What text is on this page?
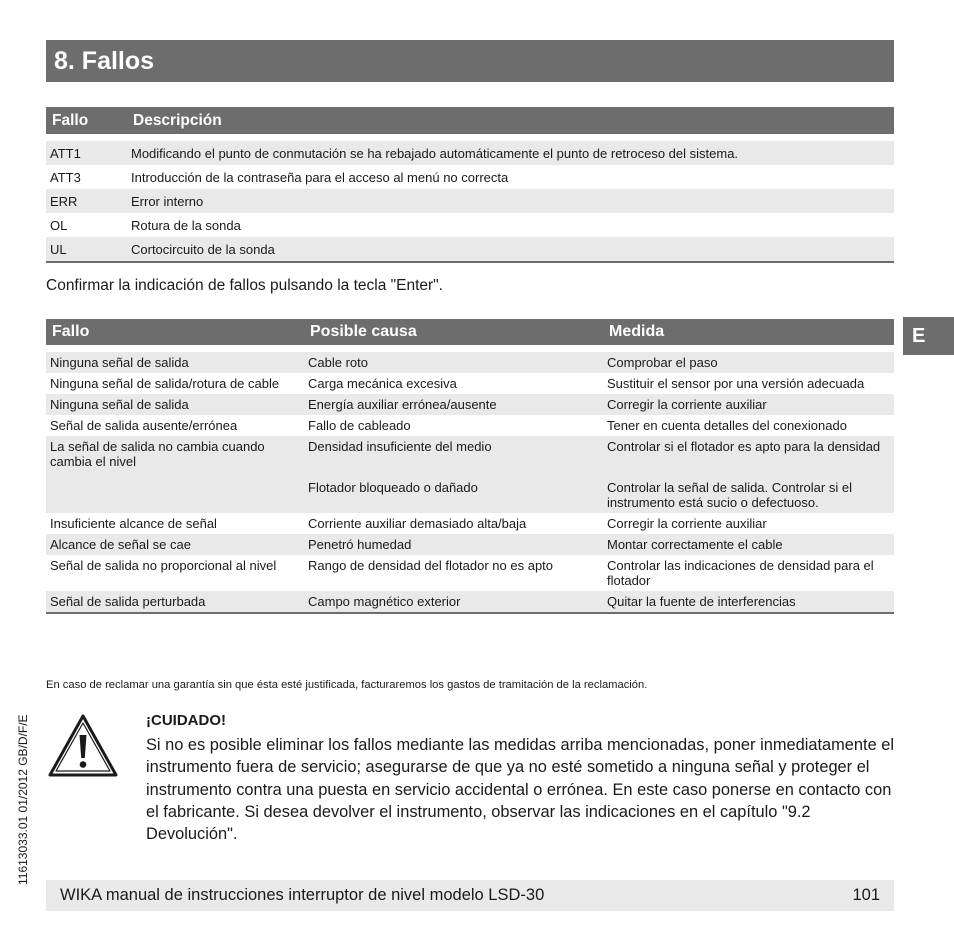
8. Fallos
Fallo	Descripción

ATT1	Modificando el punto de conmutación se ha rebajado automáticamente el punto de retroceso del sistema.
ATT3	Introducción de la contraseña para el acceso al menú no correcta
ERR	Error interno
OL	Rotura de la sonda
UL	Cortocircuito de la sonda
Confirmar la indicación de fallos pulsando la tecla "Enter".
E
Fallo	Posible causa	Medida

Ninguna señal de salida	Cable roto	Comprobar el paso
Ninguna señal de salida/rotura de cable	Carga mecánica excesiva	Sustituir el sensor por una versión adecuada
Ninguna señal de salida	Energía auxiliar errónea/ausente	Corregir la corriente auxiliar
Señal de salida ausente/errónea	Fallo de cableado	Tener en cuenta detalles del conexionado
La señal de salida no cambia cuando cambia el nivel	Densidad insuficiente del medio	Controlar si el flotador es apto para la densidad
	Flotador bloqueado o dañado	Controlar la señal de salida. Controlar si el instrumento está sucio o defectuoso.
Insuficiente alcance de señal	Corriente auxiliar demasiado alta/baja	Corregir la corriente auxiliar
Alcance de señal se cae	Penetró humedad	Montar correctamente el cable
Señal de salida no proporcional al nivel	Rango de densidad del flotador no es apto	Controlar las indicaciones de densidad para el flotador
Señal de salida perturbada	Campo magnético exterior	Quitar la fuente de interferencias
11613033.01 01/2012 GB/D/F/E
En caso de reclamar una garantía sin que ésta esté justificada, facturaremos los gastos de tramitación de la reclamación.
¡CUIDADO!
Si no es posible eliminar los fallos mediante las medidas arriba mencionadas, poner inmediatamente el instrumento fuera de servicio; asegurarse de que ya no esté sometido a ninguna señal y proteger el instrumento contra una puesta en servicio accidental o errónea. En este caso ponerse en contacto con el fabricante. Si desea devolver el instrumento, observar las indicaciones en el capítulo "9.2 Devolución".
WIKA manual de instrucciones interruptor de nivel modelo LSD-30	101
